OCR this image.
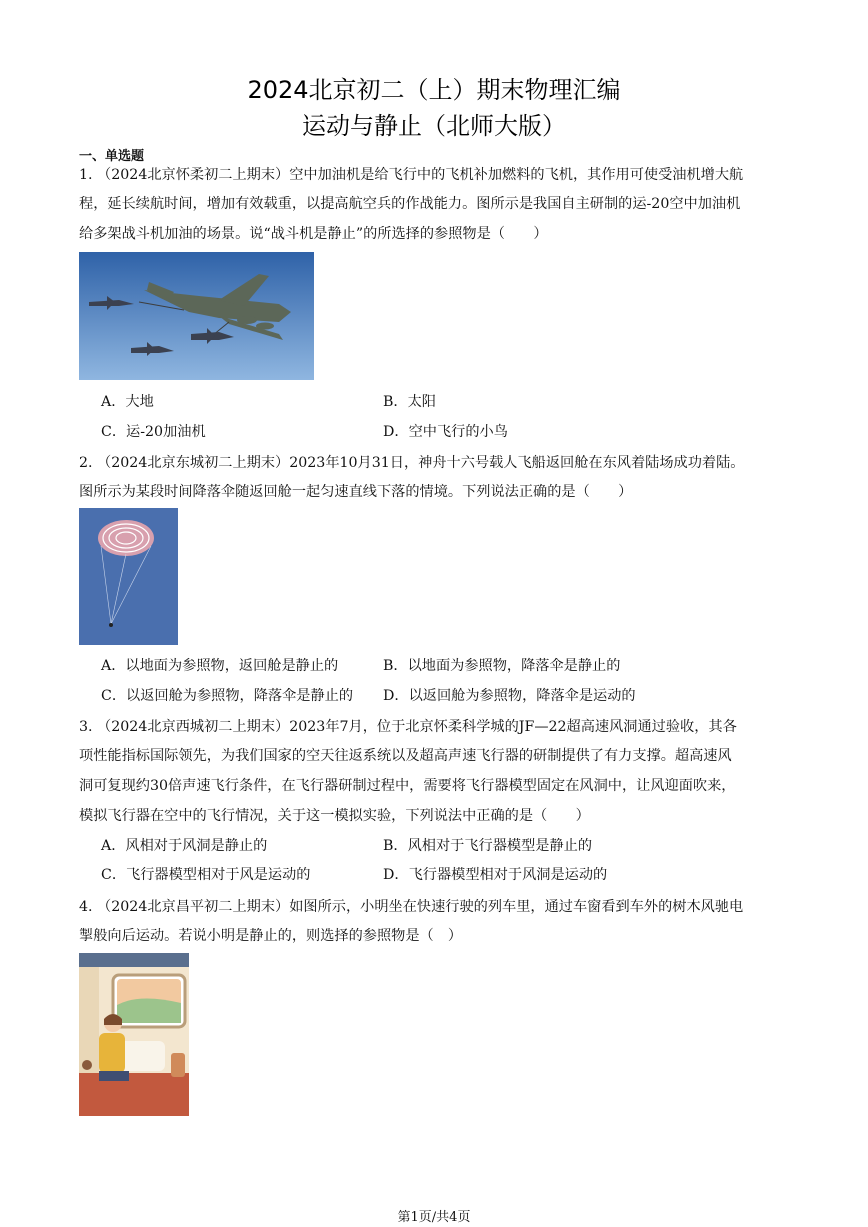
2024北京初二（上）期末物理汇编
运动与静止（北师大版）
一、单选题
1. （2024北京怀柔初二上期末）空中加油机是给飞行中的飞机补加燃料的飞机，其作用可使受油机增大航
程，延长续航时间，增加有效载重，以提高航空兵的作战能力。图所示是我国自主研制的运-20空中加油机
给多架战斗机加油的场景。说“战斗机是静止”的所选择的参照物是（　　）
A．大地	B．太阳
C．运-20加油机	D．空中飞行的小鸟
2. （2024北京东城初二上期末）2023年10月31日，神舟十六号载人飞船返回舱在东风着陆场成功着陆。
图所示为某段时间降落伞随返回舱一起匀速直线下落的情境。下列说法正确的是（　　）
A．以地面为参照物，返回舱是静止的	B．以地面为参照物，降落伞是静止的
C．以返回舱为参照物，降落伞是静止的 D．以返回舱为参照物，降落伞是运动的
3. （2024北京西城初二上期末）2023年7月，位于北京怀柔科学城的JF—22超高速风洞通过验收，其各
项性能指标国际领先，为我们国家的空天往返系统以及超高声速飞行器的研制提供了有力支撑。超高速风
洞可复现约30倍声速飞行条件，在飞行器研制过程中，需要将飞行器模型固定在风洞中，让风迎面吹来，
模拟飞行器在空中的飞行情况，关于这一模拟实验，下列说法中正确的是（　　）
A．风相对于风洞是静止的	B．风相对于飞行器模型是静止的
C．飞行器模型相对于风是运动的	D．飞行器模型相对于风洞是运动的
4. （2024北京昌平初二上期末）如图所示，小明坐在快速行驶的列车里，通过车窗看到车外的树木风驰电
掣般向后运动。若说小明是静止的，则选择的参照物是（　）
第1页/共4页
